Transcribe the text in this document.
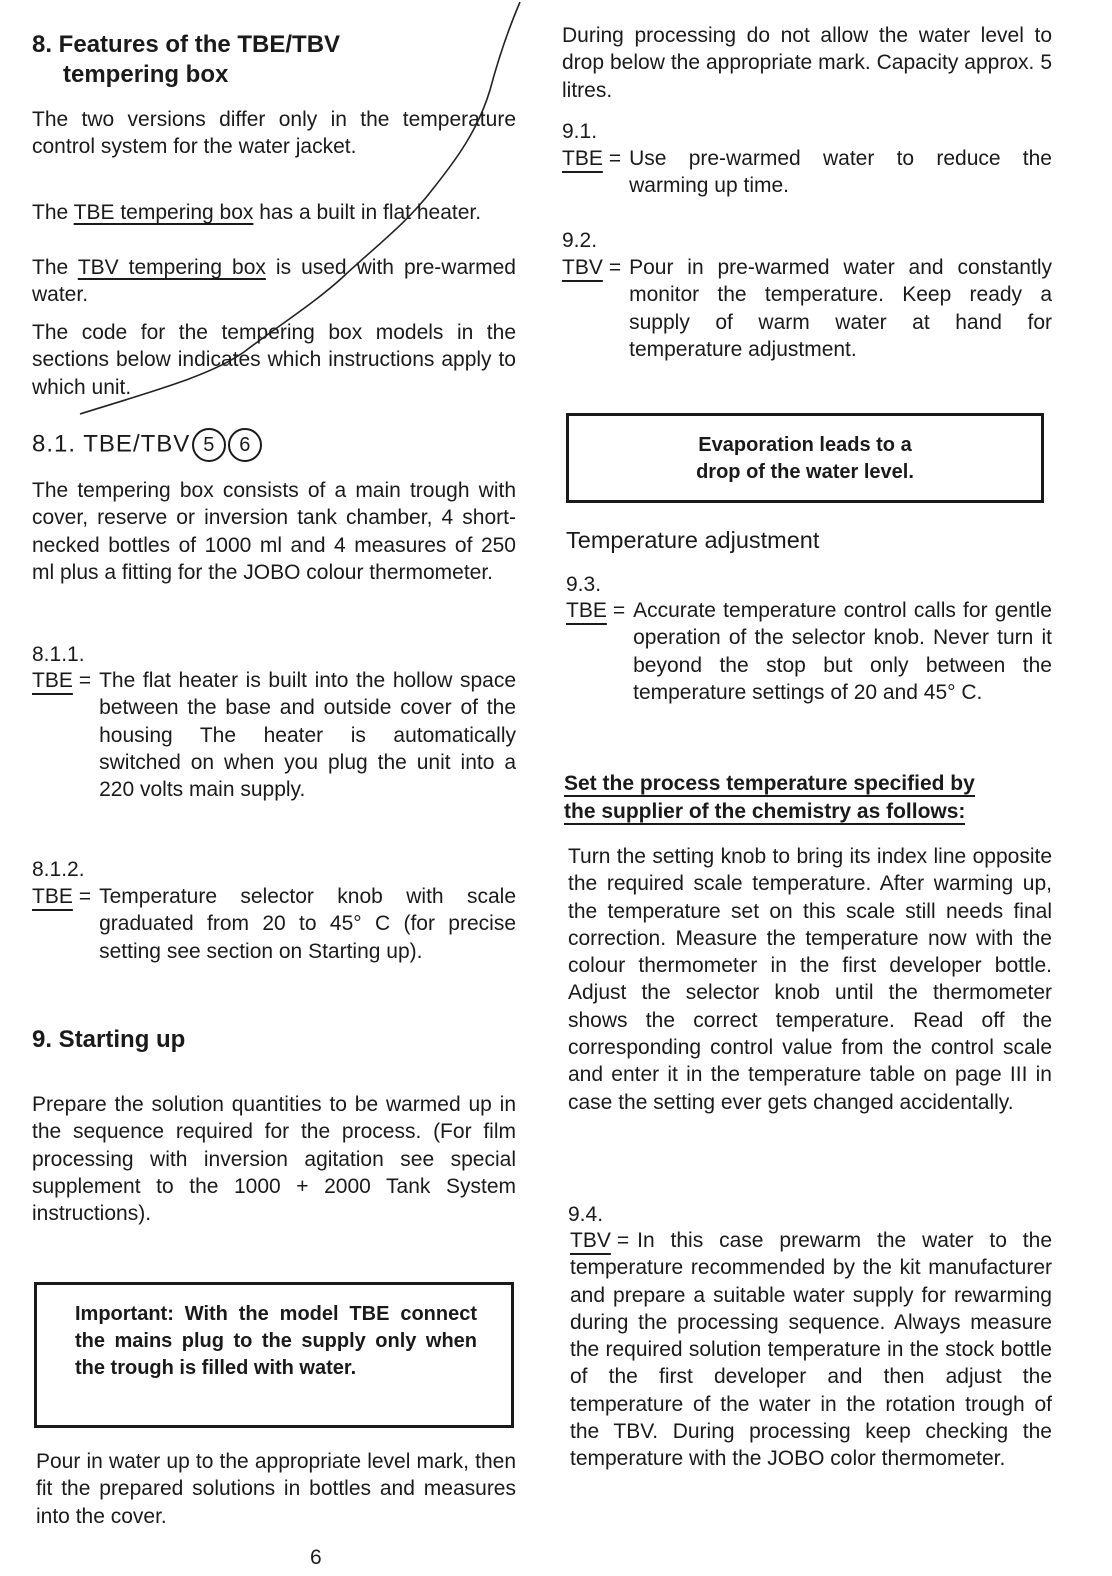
8. Features of the TBE/TBV
tempering box

The two versions differ only in the temperature control system for the water jacket.

The TBE tempering box has a built in flat heater.

The TBV tempering box is used with pre-warmed water.

The code for the tempering box models in the sections below indicates which instructions apply to which unit.

8.1. TBE/TBV 5 6

The tempering box consists of a main trough with cover, reserve or inversion tank chamber, 4 short-necked bottles of 1000 ml and 4 measures of 250 ml plus a fitting for the JOBO colour thermometer.

8.1.1.
TBE = The flat heater is built into the hollow space between the base and outside cover of the housing The heater is automatically switched on when you plug the unit into a 220 volts main supply.
8.1.2.
TBE = Temperature selector knob with scale graduated from 20 to 45° C (for precise setting see section on Starting up).
9. Starting up

Prepare the solution quantities to be warmed up in the sequence required for the process. (For film processing with inversion agitation see special supplement to the 1000 + 2000 Tank System instructions).

Important: With the model TBE connect the mains plug to the supply only when the trough is filled with water.

Pour in water up to the appropriate level mark, then fit the prepared solutions in bottles and measures into the cover.

During processing do not allow the water level to drop below the appropriate mark. Capacity approx. 5 litres.

9.1.
TBE = Use pre-warmed water to reduce the warming up time.
9.2.
TBV = Pour in pre-warmed water and constantly monitor the temperature. Keep ready a supply of warm water at hand for temperature adjustment.
Evaporation leads to a
drop of the water level.
Temperature adjustment
9.3.
TBE = Accurate temperature control calls for gentle operation of the selector knob. Never turn it beyond the stop but only between the temperature settings of 20 and 45° C.
Set the process temperature specified by
the supplier of the chemistry as follows:

Turn the setting knob to bring its index line opposite the required scale temperature. After warming up, the temperature set on this scale still needs final correction. Measure the temperature now with the colour thermometer in the first developer bottle. Adjust the selector knob until the thermometer shows the correct temperature. Read off the corresponding control value from the control scale and enter it in the temperature table on page III in case the setting ever gets changed accidentally.

9.4.
TBV = In this case prewarm the water to the temperature recommended by the kit manufacturer and prepare a suitable water supply for rewarming during the processing sequence. Always measure the required solution temperature in the stock bottle of the first developer and then adjust the temperature of the water in the rotation trough of the TBV. During processing keep checking the temperature with the JOBO color thermometer.
6
